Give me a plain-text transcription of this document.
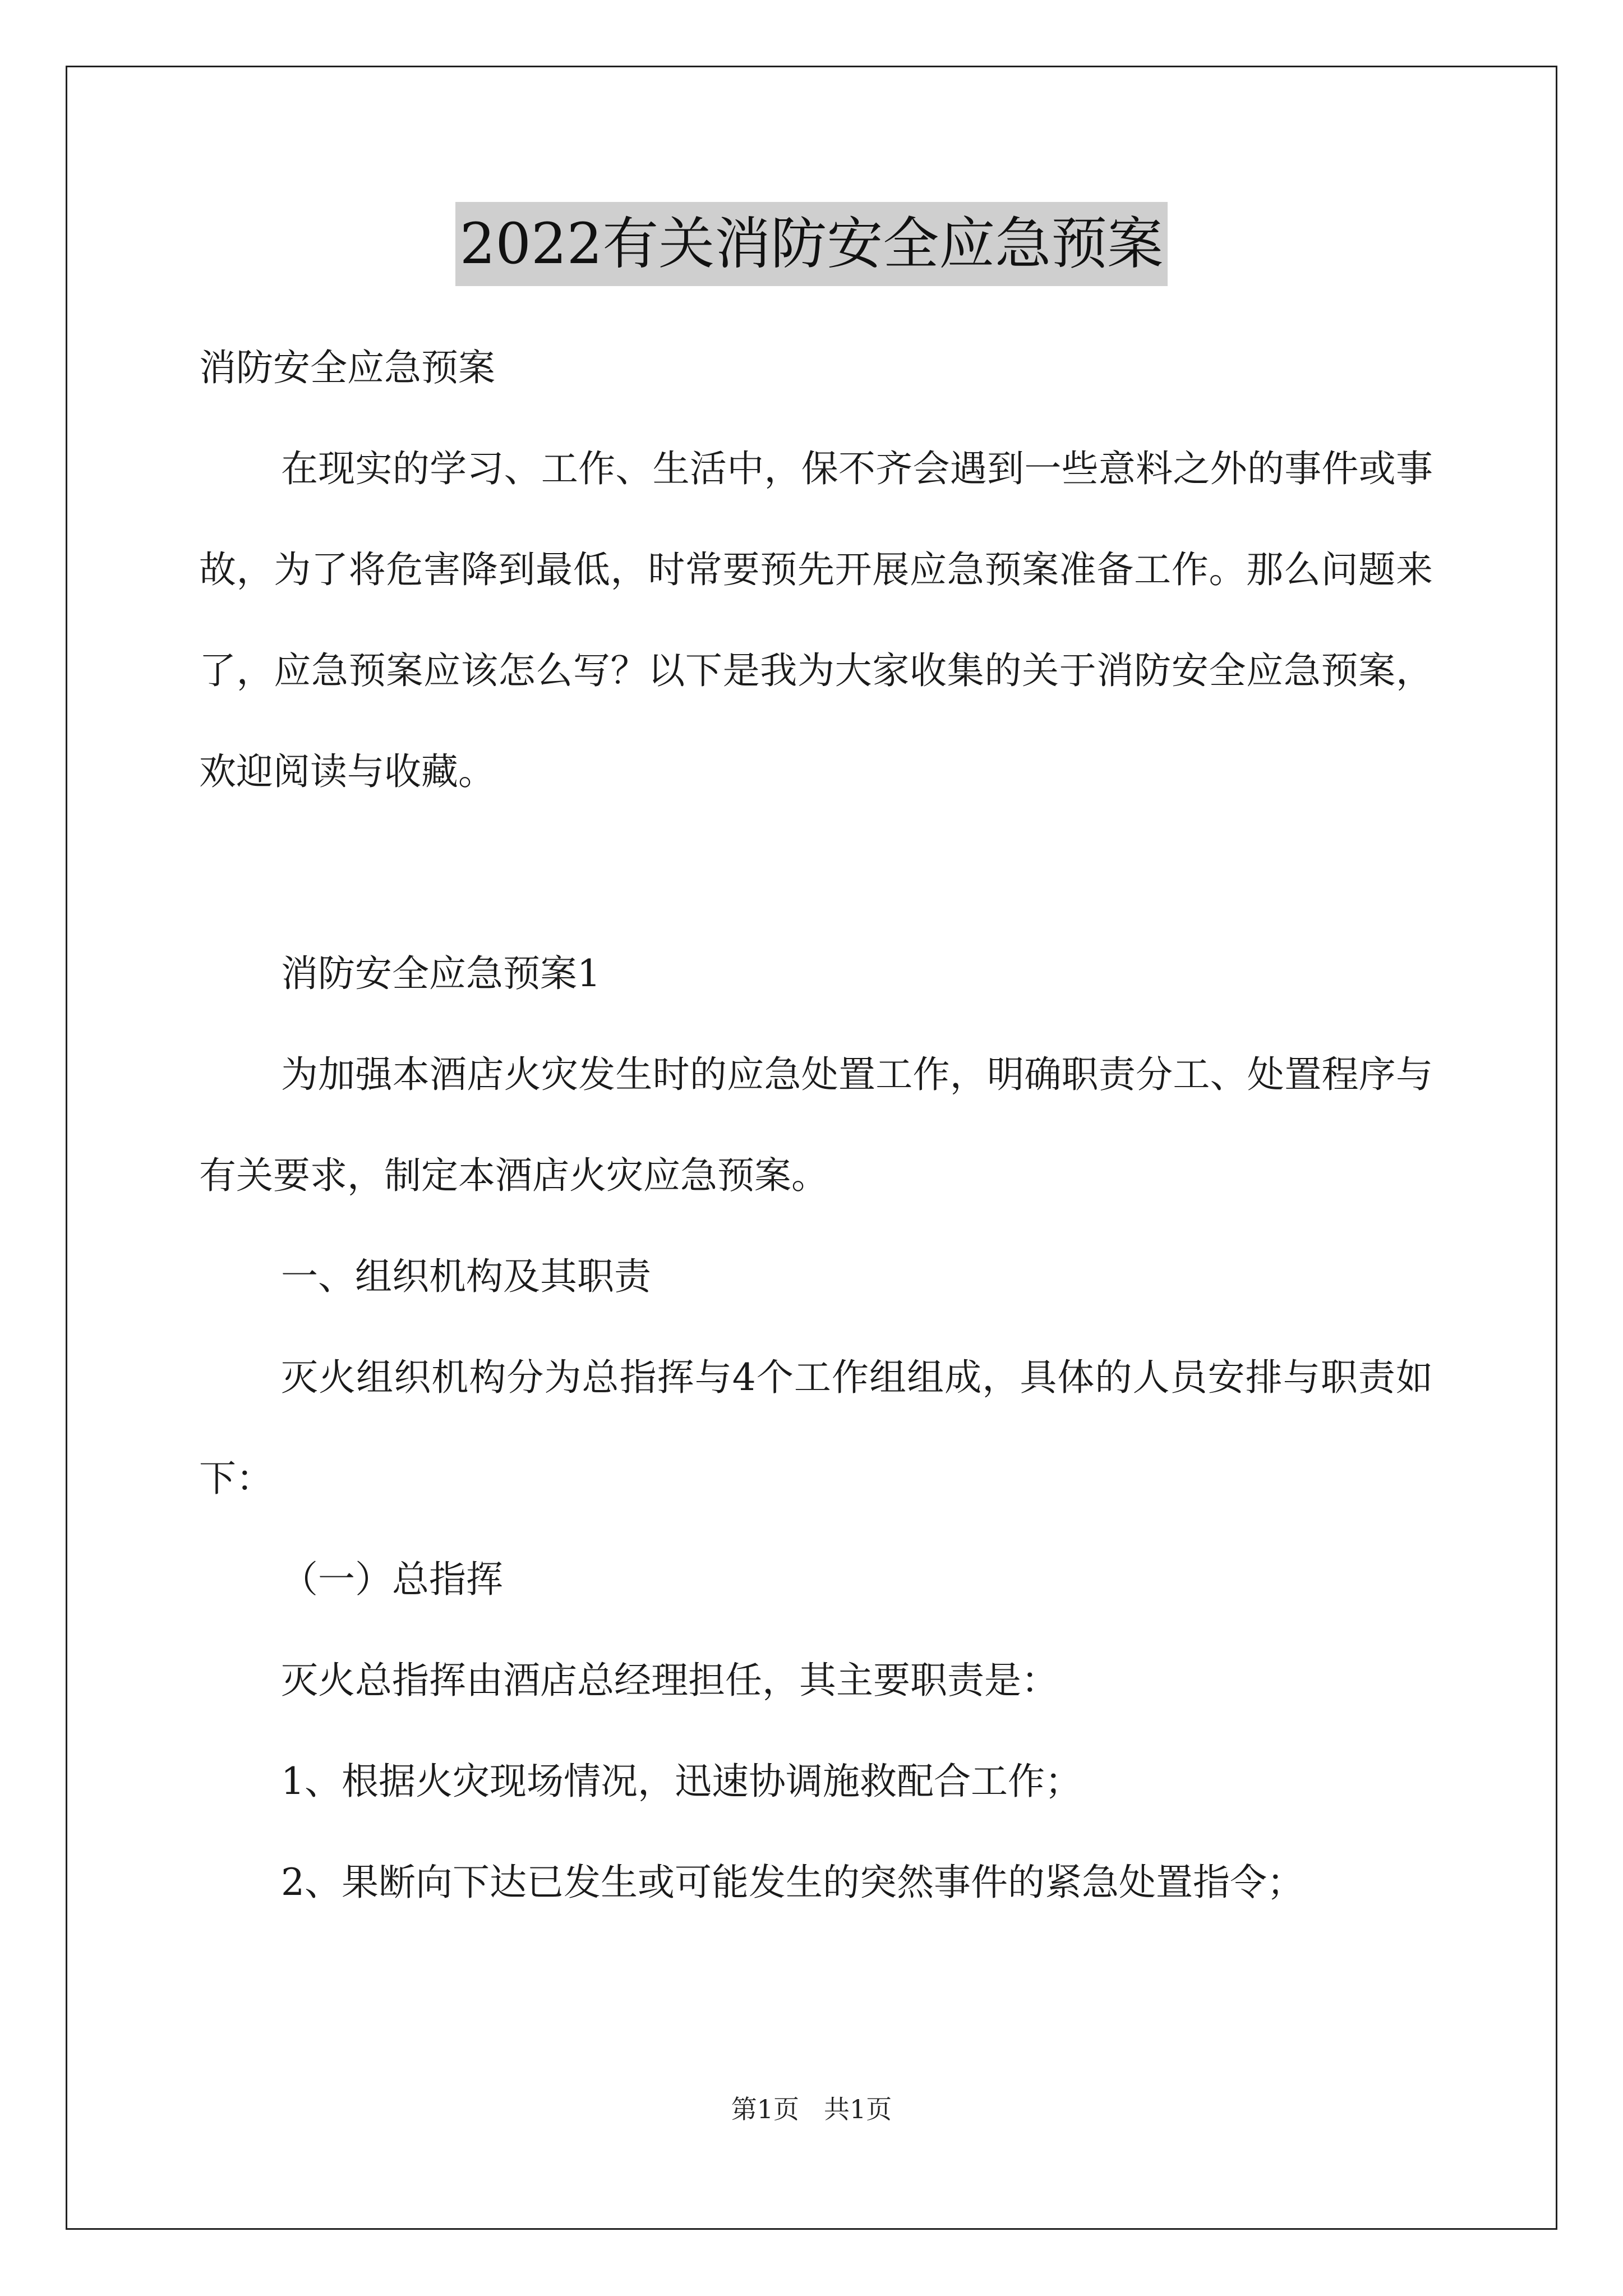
2022有关消防安全应急预案

消防安全应急预案

在现实的学习、工作、生活中，保不齐会遇到一些意料之外的事件或事故，为了将危害降到最低，时常要预先开展应急预案准备工作。那么问题来了，应急预案应该怎么写？以下是我为大家收集的关于消防安全应急预案，欢迎阅读与收藏。

消防安全应急预案1

为加强本酒店火灾发生时的应急处置工作，明确职责分工、处置程序与有关要求，制定本酒店火灾应急预案。

一、组织机构及其职责

灭火组织机构分为总指挥与4个工作组组成，具体的人员安排与职责如下：

（一）总指挥

灭火总指挥由酒店总经理担任，其主要职责是：

1、根据火灾现场情况，迅速协调施救配合工作；

2、果断向下达已发生或可能发生的突然事件的紧急处置指令；

第1页 共1页
